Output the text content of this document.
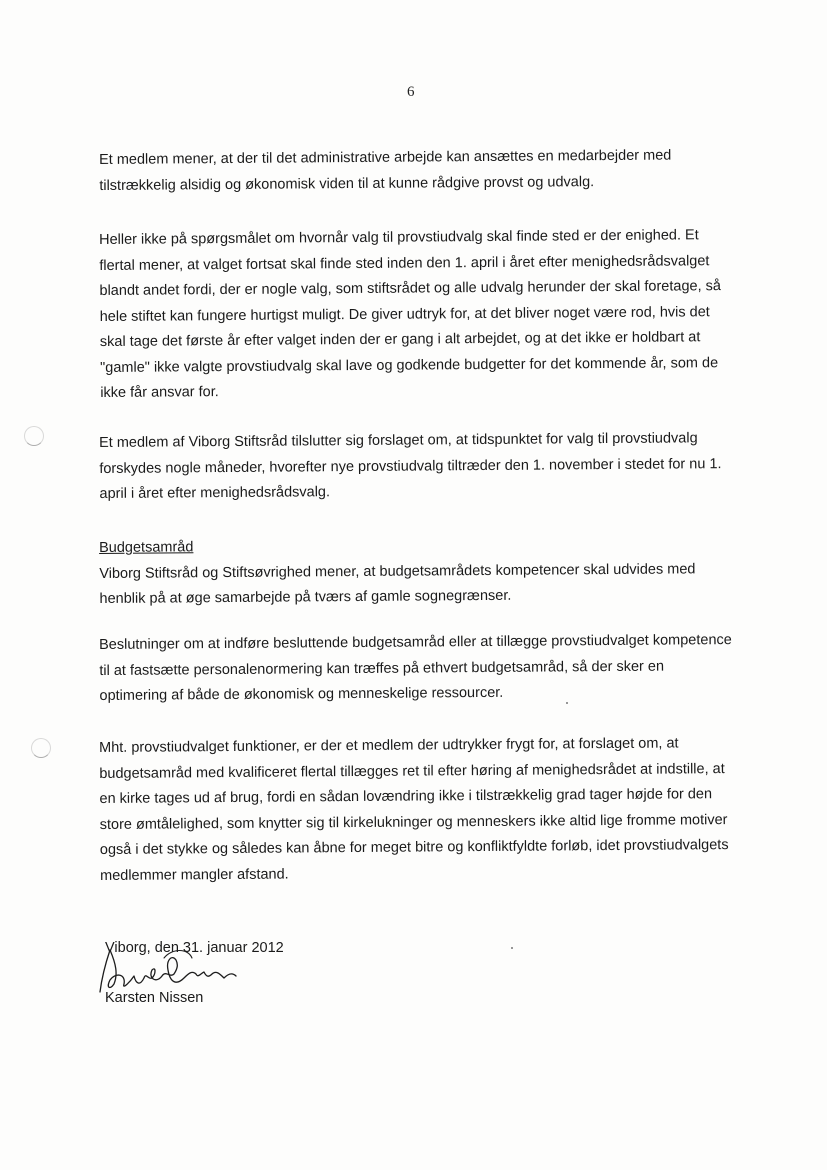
6

Et medlem mener, at der til det administrative arbejde kan ansættes en medarbejder med

tilstrækkelig alsidig og økonomisk viden til at kunne rådgive provst og udvalg.

Heller ikke på spørgsmålet om hvornår valg til provstiudvalg skal finde sted er der enighed. Et

flertal mener, at valget fortsat skal finde sted inden den 1. april i året efter menighedsrådsvalget

blandt andet fordi, der er nogle valg, som stiftsrådet og alle udvalg herunder der skal foretage, så

hele stiftet kan fungere hurtigst muligt. De giver udtryk for, at det bliver noget være rod, hvis det

skal tage det første år efter valget inden der er gang i alt arbejdet, og at det ikke er holdbart at

"gamle" ikke valgte provstiudvalg skal lave og godkende budgetter for det kommende år, som de

ikke får ansvar for.

Et medlem af Viborg Stiftsråd tilslutter sig forslaget om, at tidspunktet for valg til provstiudvalg

forskydes nogle måneder, hvorefter nye provstiudvalg tiltræder den 1. november i stedet for nu 1.

april i året efter menighedsrådsvalg.

Budgetsamråd

Viborg Stiftsråd og Stiftsøvrighed mener, at budgetsamrådets kompetencer skal udvides med

henblik på at øge samarbejde på tværs af gamle sognegrænser.

Beslutninger om at indføre besluttende budgetsamråd eller at tillægge provstiudvalget kompetence

til at fastsætte personalenormering kan træffes på ethvert budgetsamråd, så der sker en

optimering af både de økonomisk og menneskelige ressourcer.

Mht. provstiudvalget funktioner, er der et medlem der udtrykker frygt for, at forslaget om, at

budgetsamråd med kvalificeret flertal tillægges ret til efter høring af menighedsrådet at indstille, at

en kirke tages ud af brug, fordi en sådan lovændring ikke i tilstrækkelig grad tager højde for den

store ømtålelighed, som knytter sig til kirkelukninger og menneskers ikke altid lige fromme motiver

også i det stykke og således kan åbne for meget bitre og konfliktfyldte forløb, idet provstiudvalgets

medlemmer mangler afstand.

Viborg, den 31. januar 2012
Karsten Nissen
